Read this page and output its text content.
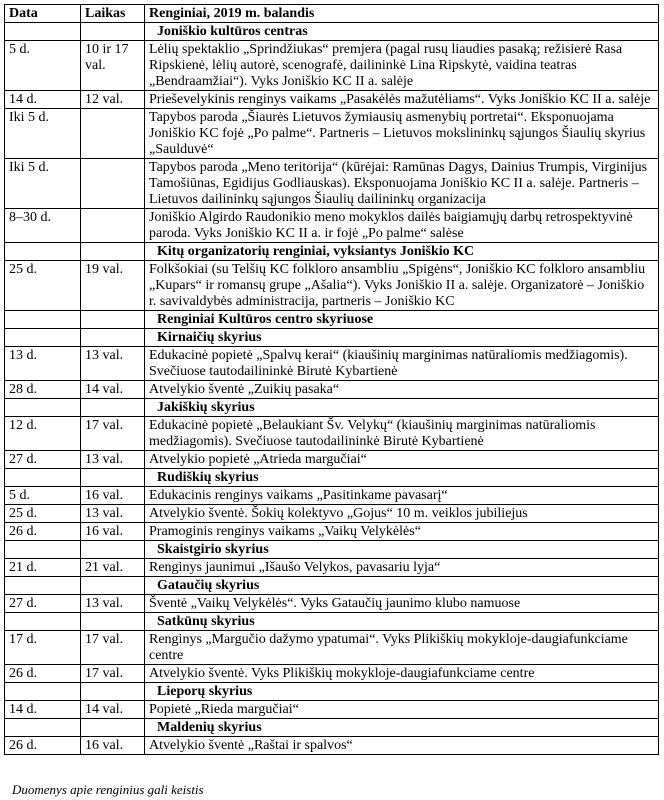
Data	Laikas	Renginiai, 2019 m. balandis
		Joniškio kultūros centras
5 d.	10 ir 17 val.	Lėlių spektaklio „Sprindžiukas“ premjera (pagal rusų liaudies pasaką; režisierė Rasa Ripskienė, lėlių autorė, scenografė, dailininkė Lina Ripskytė, vaidina teatras „Bendraamžiai“). Vyks Joniškio KC II a. salėje
14 d.	12 val.	Prieševelykinis renginys vaikams „Pasakėlės mažutėliams“. Vyks Joniškio KC II a. salėje
Iki 5 d.		Tapybos paroda „Šiaurės Lietuvos žymiausių asmenybių portretai“. Eksponuojama Joniškio KC fojė „Po palme“. Partneris – Lietuvos mokslininkų sąjungos Šiaulių skyrius „Saulduvė“
Iki 5 d.		Tapybos paroda „Meno teritorija“ (kūrėjai: Ramūnas Dagys, Dainius Trumpis, Virginijus Tamošiūnas, Egidijus Godliauskas). Eksponuojama Joniškio KC II a. salėje. Partneris – Lietuvos dailininkų sąjungos Šiaulių dailininkų organizacija
8–30 d.		Joniškio Algirdo Raudonikio meno mokyklos dailės baigiamųjų darbų retrospektyvinė paroda. Vyks Joniškio KC II a. ir fojė „Po palme“ salėse
		Kitų organizatorių renginiai, vyksiantys Joniškio KC
25 d.	19 val.	Folkšokiai (su Telšių KC folkloro ansambliu „Spigėns“, Joniškio KC folkloro ansambliu „Kupars“ ir romansų grupe „Ašalia“). Vyks Joniškio II a. salėje. Organizatorė – Joniškio r. savivaldybės administracija, partneris – Joniškio KC
		Renginiai Kultūros centro skyriuose
		Kirnaičių skyrius
13 d.	13 val.	Edukacinė popietė „Spalvų kerai“ (kiaušinių marginimas natūraliomis medžiagomis). Svečiuose tautodailininkė Birutė Kybartienė
28 d.	14 val.	Atvelykio šventė „Zuikių pasaka“
		Jakiškių skyrius
12 d.	17 val.	Edukacinė popietė „Belaukiant Šv. Velykų“ (kiaušinių marginimas natūraliomis medžiagomis). Svečiuose tautodailininkė Birutė Kybartienė
27 d.	13 val.	Atvelykio popietė „Atrieda margučiai“
		Rudiškių skyrius
5 d.	16 val.	Edukacinis renginys vaikams „Pasitinkame pavasarį“
25 d.	13 val.	Atvelykio šventė. Šokių kolektyvo „Gojus“ 10 m. veiklos jubiliejus
26 d.	16 val.	Pramoginis renginys vaikams „Vaikų Velykėlės“
		Skaistgirio skyrius
21 d.	21 val.	Renginys jaunimui „Išaušo Velykos, pavasariu lyja“
		Gataučių skyrius
27 d.	13 val.	Šventė „Vaikų Velykėlės“. Vyks Gataučių jaunimo klubo namuose
		Satkūnų skyrius
17 d.	17 val.	Renginys „Margučio dažymo ypatumai“. Vyks Plikiškių mokykloje-daugiafunkciame centre
26 d.	17 val.	Atvelykio šventė. Vyks Plikiškių mokykloje-daugiafunkciame centre
		Lieporų skyrius
14 d.	14 val.	Popietė „Rieda margučiai“
		Maldenių skyrius
26 d.	16 val.	Atvelykio šventė „Raštai ir spalvos“
Duomenys apie renginius gali keistis
